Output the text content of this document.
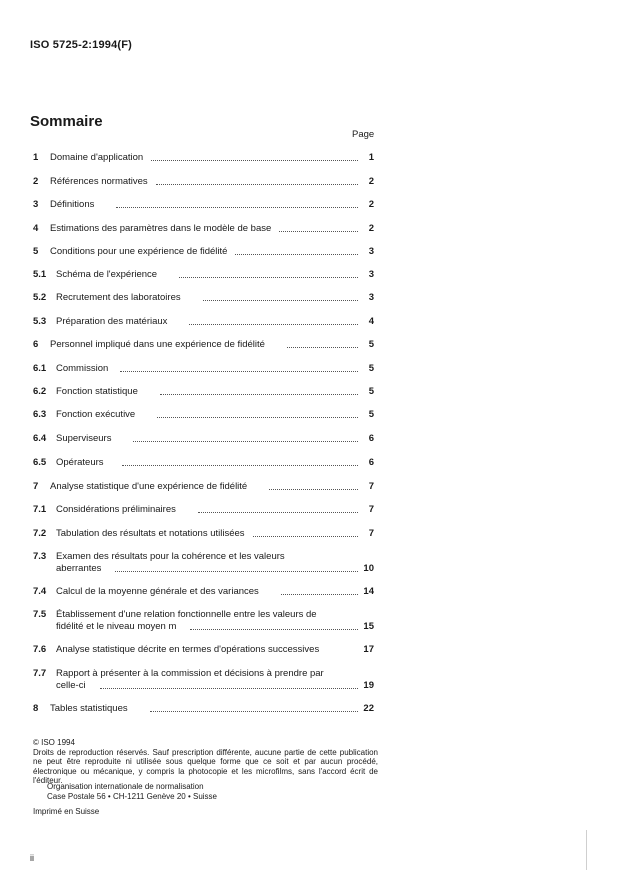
ISO 5725-2:1994(F)
Sommaire
Page
1 Domaine d'application	1
2 Références normatives	2
3 Définitions	2
4 Estimations des paramètres dans le modèle de base	2
5 Conditions pour une expérience de fidélité	3
5.1 Schéma de l'expérience	3
5.2 Recrutement des laboratoires	3
5.3 Préparation des matériaux	4
6 Personnel impliqué dans une expérience de fidélité	5
6.1 Commission	5
6.2 Fonction statistique	5
6.3 Fonction exécutive	5
6.4 Superviseurs	6
6.5 Opérateurs	6
7 Analyse statistique d'une expérience de fidélité	7
7.1 Considérations préliminaires	7
7.2 Tabulation des résultats et notations utilisées	7
7.3 Examen des résultats pour la cohérence et les valeurs
aberrantes	10
7.4 Calcul de la moyenne générale et des variances	14
7.5 Établissement d'une relation fonctionnelle entre les valeurs de
fidélité et le niveau moyen m	15
7.6 Analyse statistique décrite en termes d'opérations successives	17
7.7 Rapport à présenter à la commission et décisions à prendre par
celle-ci	19
8 Tables statistiques	22
© ISO 1994
Droits de reproduction réservés. Sauf prescription différente, aucune partie de cette publication ne peut être reproduite ni utilisée sous quelque forme que ce soit et par aucun procédé, électronique ou mécanique, y compris la photocopie et les microfilms, sans l'accord écrit de l'éditeur.
Organisation internationale de normalisation
Case Postale 56 • CH-1211 Genève 20 • Suisse
Imprimé en Suisse
ii
